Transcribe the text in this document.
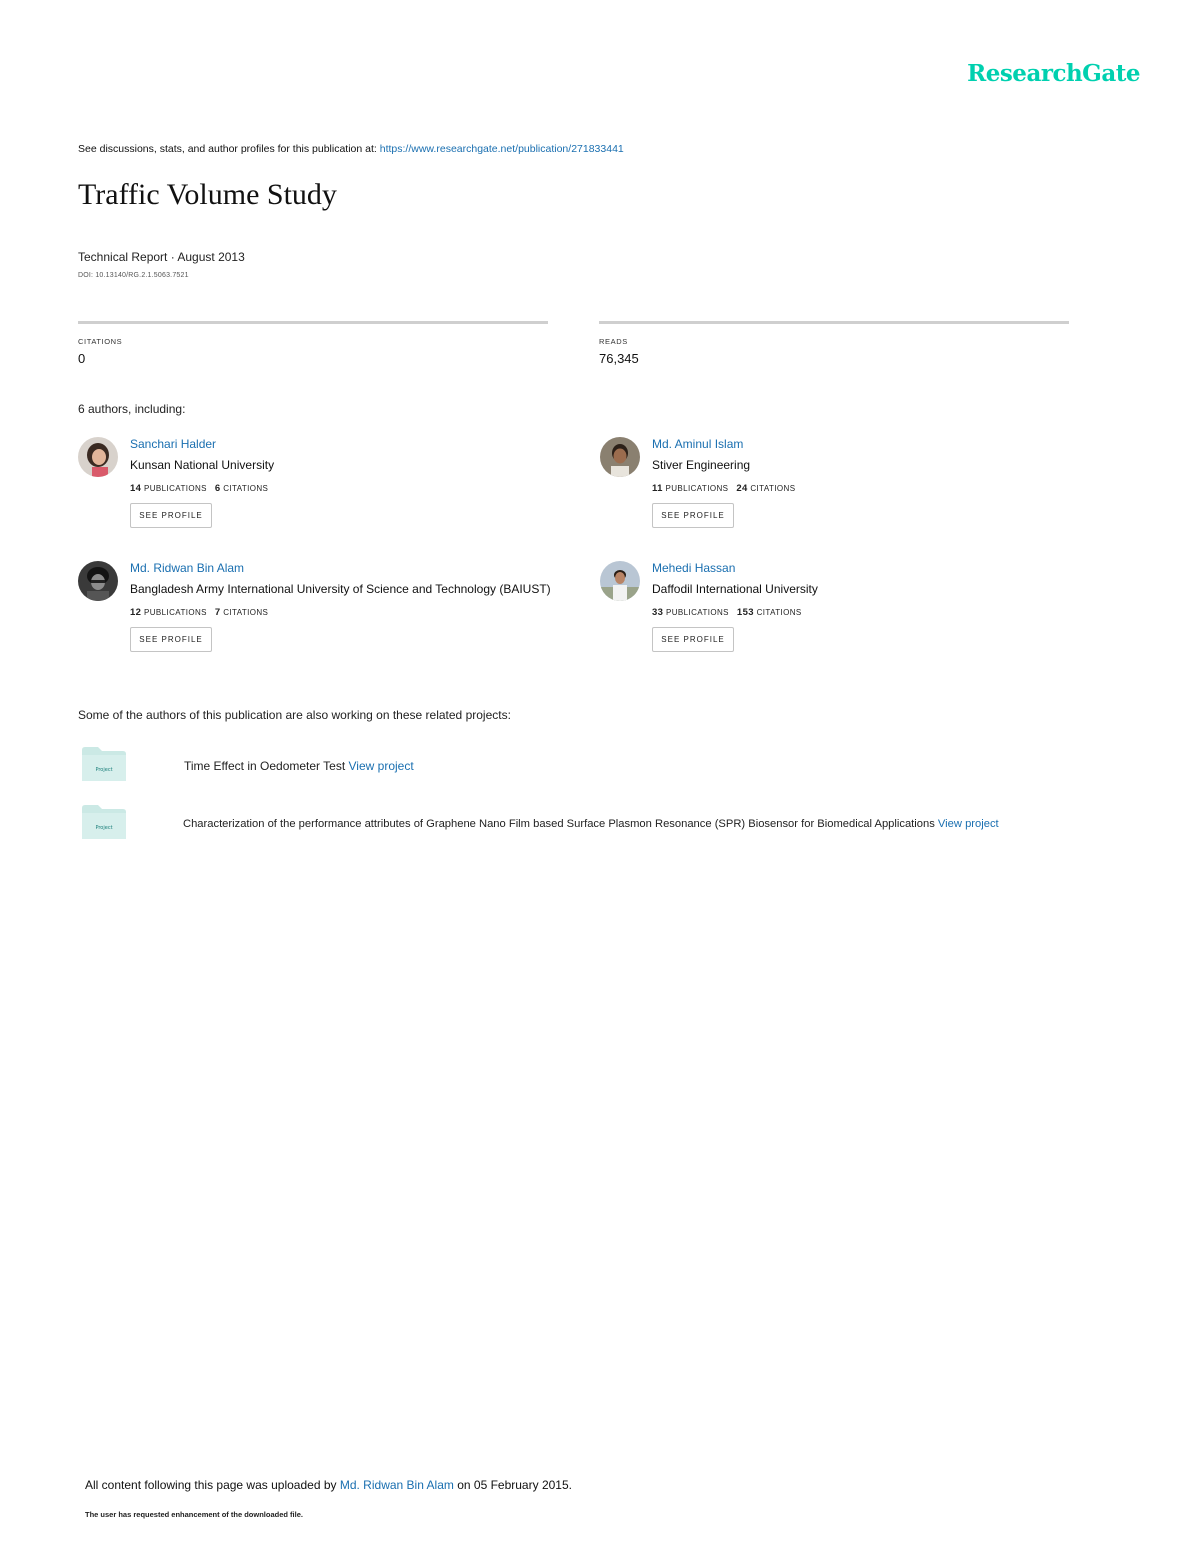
ResearchGate
See discussions, stats, and author profiles for this publication at: https://www.researchgate.net/publication/271833441
Traffic Volume Study
Technical Report · August 2013
DOI: 10.13140/RG.2.1.5063.7521
CITATIONS
0
READS
76,345
6 authors, including:
Sanchari Halder
Kunsan National University
14 PUBLICATIONS 6 CITATIONS
SEE PROFILE
Md. Aminul Islam
Stiver Engineering
11 PUBLICATIONS 24 CITATIONS
SEE PROFILE
Md. Ridwan Bin Alam
Bangladesh Army International University of Science and Technology (BAIUST)
12 PUBLICATIONS 7 CITATIONS
SEE PROFILE
Mehedi Hassan
Daffodil International University
33 PUBLICATIONS 153 CITATIONS
SEE PROFILE
Some of the authors of this publication are also working on these related projects:
Project	Time Effect in Oedometer Test View project
Project	Characterization of the performance attributes of Graphene Nano Film based Surface Plasmon Resonance (SPR) Biosensor for Biomedical Applications View project
All content following this page was uploaded by Md. Ridwan Bin Alam on 05 February 2015.
The user has requested enhancement of the downloaded file.
